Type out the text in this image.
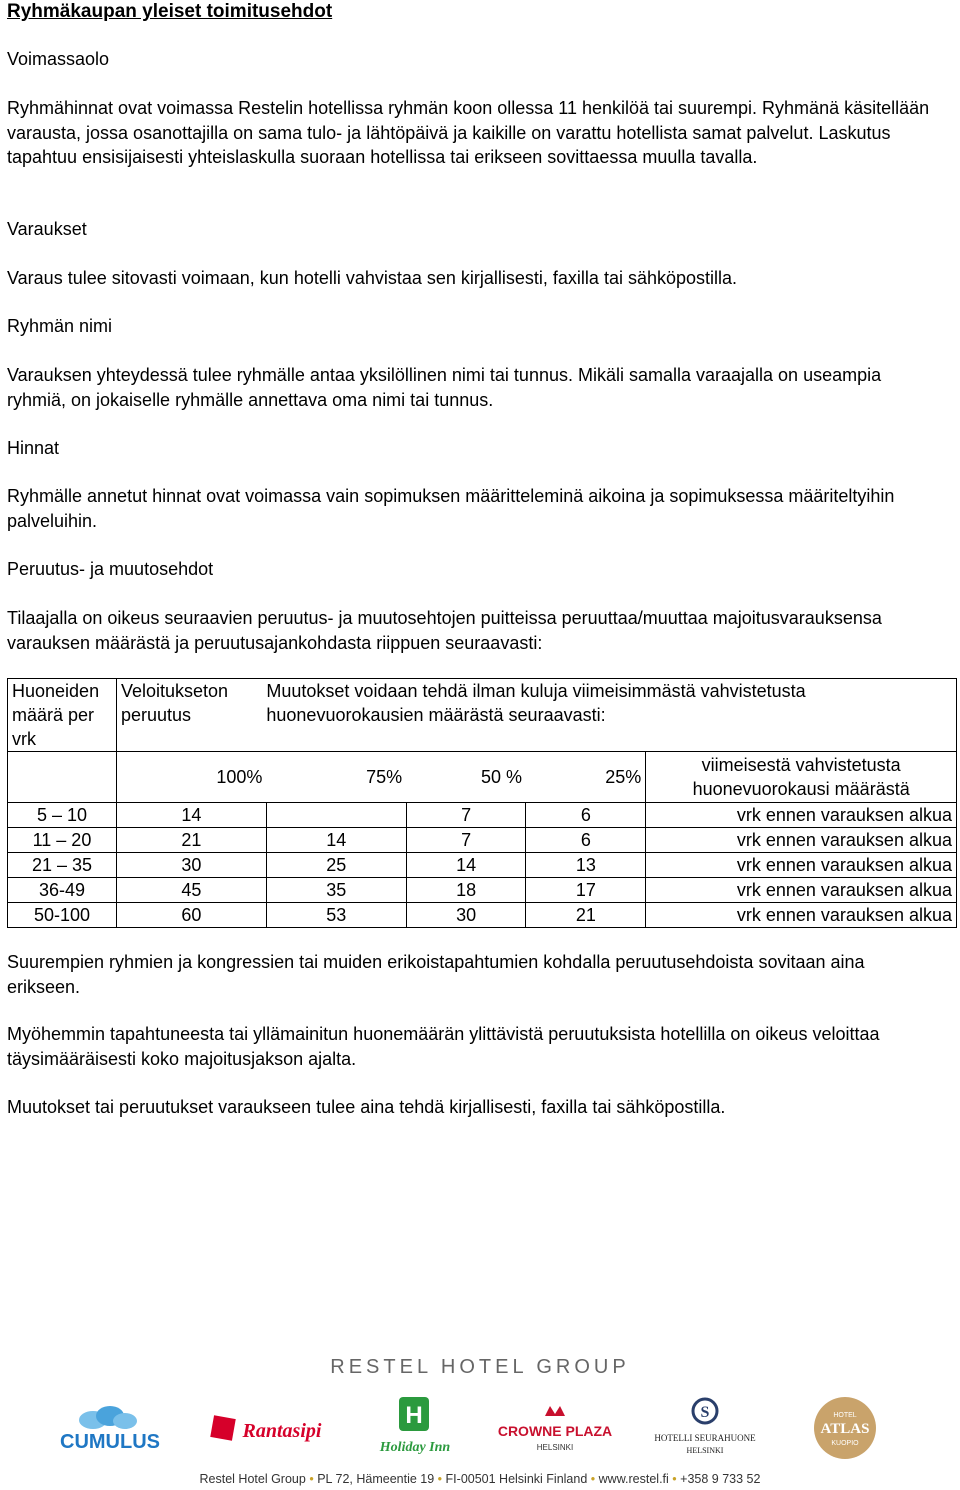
Ryhmäkaupan yleiset toimitusehdot
Voimassaolo
Ryhmähinnat ovat voimassa Restelin hotellissa ryhmän koon ollessa 11 henkilöä tai suurempi. Ryhmänä käsitellään varausta, jossa osanottajilla on sama tulo- ja lähtöpäivä ja kaikille on varattu hotellista samat palvelut. Laskutus tapahtuu ensisijaisesti yhteislaskulla suoraan hotellissa tai erikseen sovittaessa muulla tavalla.
Varaukset
Varaus tulee sitovasti voimaan, kun hotelli vahvistaa sen kirjallisesti, faxilla tai sähköpostilla.
Ryhmän nimi
Varauksen yhteydessä tulee ryhmälle antaa yksilöllinen nimi tai tunnus. Mikäli samalla varaajalla on useampia ryhmiä, on jokaiselle ryhmälle annettava oma nimi tai tunnus.
Hinnat
Ryhmälle annetut hinnat ovat voimassa vain sopimuksen määrittelеminä aikoina ja sopimuksessa määriteltyihin palveluihin.
Peruutus- ja muutosehdot
Tilaajalla on oikeus seuraavien peruutus- ja muutosehtojen puitteissa peruuttaa/muuttaa majoitusvarauksensa varauksen määrästä ja peruutusajankohdasta riippuen seuraavasti:
Huoneiden määrä per vrk	Veloitukseton peruutus	Muutokset voidaan tehdä ilman kuluja viimeisimmästä vahvistetusta huonevuorokausien määrästä seuraavasti:			
	100%	75%	50 %	25%	viimeisestä vahvistetusta huonevuorokausi määrästä
5 – 10	14		7	6	vrk ennen varauksen alkua
11 – 20	21	14	7	6	vrk ennen varauksen alkua
21 – 35	30	25	14	13	vrk ennen varauksen alkua
36-49	45	35	18	17	vrk ennen varauksen alkua
50-100	60	53	30	21	vrk ennen varauksen alkua
Suurempien ryhmien ja kongressien tai muiden erikoistapahtumien kohdalla peruutusehdoista sovitaan aina erikseen.
Myöhemmin tapahtuneesta tai yllämainitun huonemäärän ylittävistä peruutuksista hotellilla on oikeus veloittaa täysimääräisesti koko majoitusjakson ajalta.
Muutokset tai peruutukset varaukseen tulee aina tehdä kirjallisesti, faxilla tai sähköpostilla.
RESTEL HOTEL GROUP
CUMULUS	Rantasipi
H
Holiday Inn
CROWNE PLAZA
HELSINKI
S
HOTELLI SEURAHUONE
HELSINKI
HOTEL
ATLAS
KUOPIO
Restel Hotel Group • PL 72, Hämeentie 19 • FI-00501 Helsinki Finland • www.restel.fi • +358 9 733 52
